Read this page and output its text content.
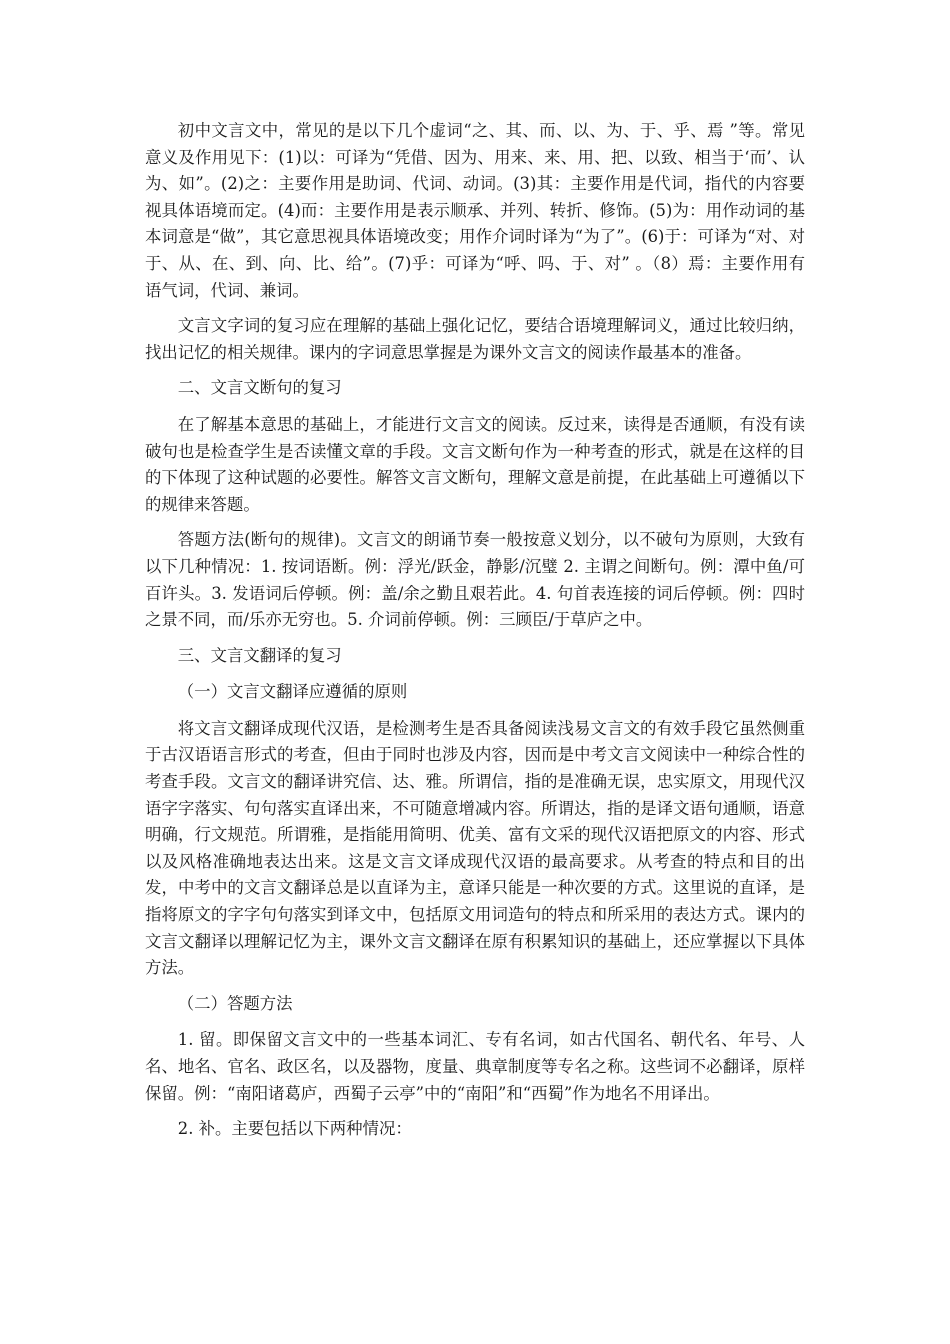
初中文言文中，常见的是以下几个虚词“之、其、而、以、为、于、乎、焉 ”等。常见意义及作用见下：(1)以：可译为“凭借、因为、用来、来、用、把、以致、相当于‘而’、认为、如”。(2)之：主要作用是助词、代词、动词。(3)其：主要作用是代词，指代的内容要视具体语境而定。(4)而：主要作用是表示顺承、并列、转折、修饰。(5)为：用作动词的基本词意是“做”，其它意思视具体语境改变；用作介词时译为“为了”。(6)于：可译为“对、对于、从、在、到、向、比、给”。(7)乎：可译为“呼、吗、于、对” 。（8）焉：主要作用有语气词，代词、兼词。

文言文字词的复习应在理解的基础上强化记忆，要结合语境理解词义，通过比较归纳，找出记忆的相关规律。课内的字词意思掌握是为课外文言文的阅读作最基本的准备。

二、文言文断句的复习

在了解基本意思的基础上，才能进行文言文的阅读。反过来，读得是否通顺，有没有读破句也是检查学生是否读懂文章的手段。文言文断句作为一种考查的形式，就是在这样的目的下体现了这种试题的必要性。解答文言文断句，理解文意是前提，在此基础上可遵循以下的规律来答题。

答题方法(断句的规律)。文言文的朗诵节奏一般按意义划分，以不破句为原则，大致有以下几种情况：1. 按词语断。例：浮光/跃金，静影/沉璧 2. 主谓之间断句。例：潭中鱼/可百许头。3. 发语词后停顿。例：盖/余之勤且艰若此。4. 句首表连接的词后停顿。例：四时之景不同，而/乐亦无穷也。5. 介词前停顿。例：三顾臣/于草庐之中。

三、文言文翻译的复习

（一）文言文翻译应遵循的原则

将文言文翻译成现代汉语，是检测考生是否具备阅读浅易文言文的有效手段它虽然侧重于古汉语语言形式的考查，但由于同时也涉及内容，因而是中考文言文阅读中一种综合性的考查手段。文言文的翻译讲究信、达、雅。所谓信，指的是准确无误，忠实原文，用现代汉语字字落实、句句落实直译出来，不可随意增减内容。所谓达，指的是译文语句通顺，语意明确，行文规范。所谓雅，是指能用简明、优美、富有文采的现代汉语把原文的内容、形式以及风格准确地表达出来。这是文言文译成现代汉语的最高要求。从考查的特点和目的出发，中考中的文言文翻译总是以直译为主，意译只能是一种次要的方式。这里说的直译，是指将原文的字字句句落实到译文中，包括原文用词造句的特点和所采用的表达方式。课内的文言文翻译以理解记忆为主，课外文言文翻译在原有积累知识的基础上，还应掌握以下具体方法。

（二）答题方法

1. 留。即保留文言文中的一些基本词汇、专有名词，如古代国名、朝代名、年号、人名、地名、官名、政区名，以及器物，度量、典章制度等专名之称。这些词不必翻译，原样保留。例：“南阳诸葛庐，西蜀子云亭”中的“南阳”和“西蜀”作为地名不用译出。

2. 补。主要包括以下两种情况：
